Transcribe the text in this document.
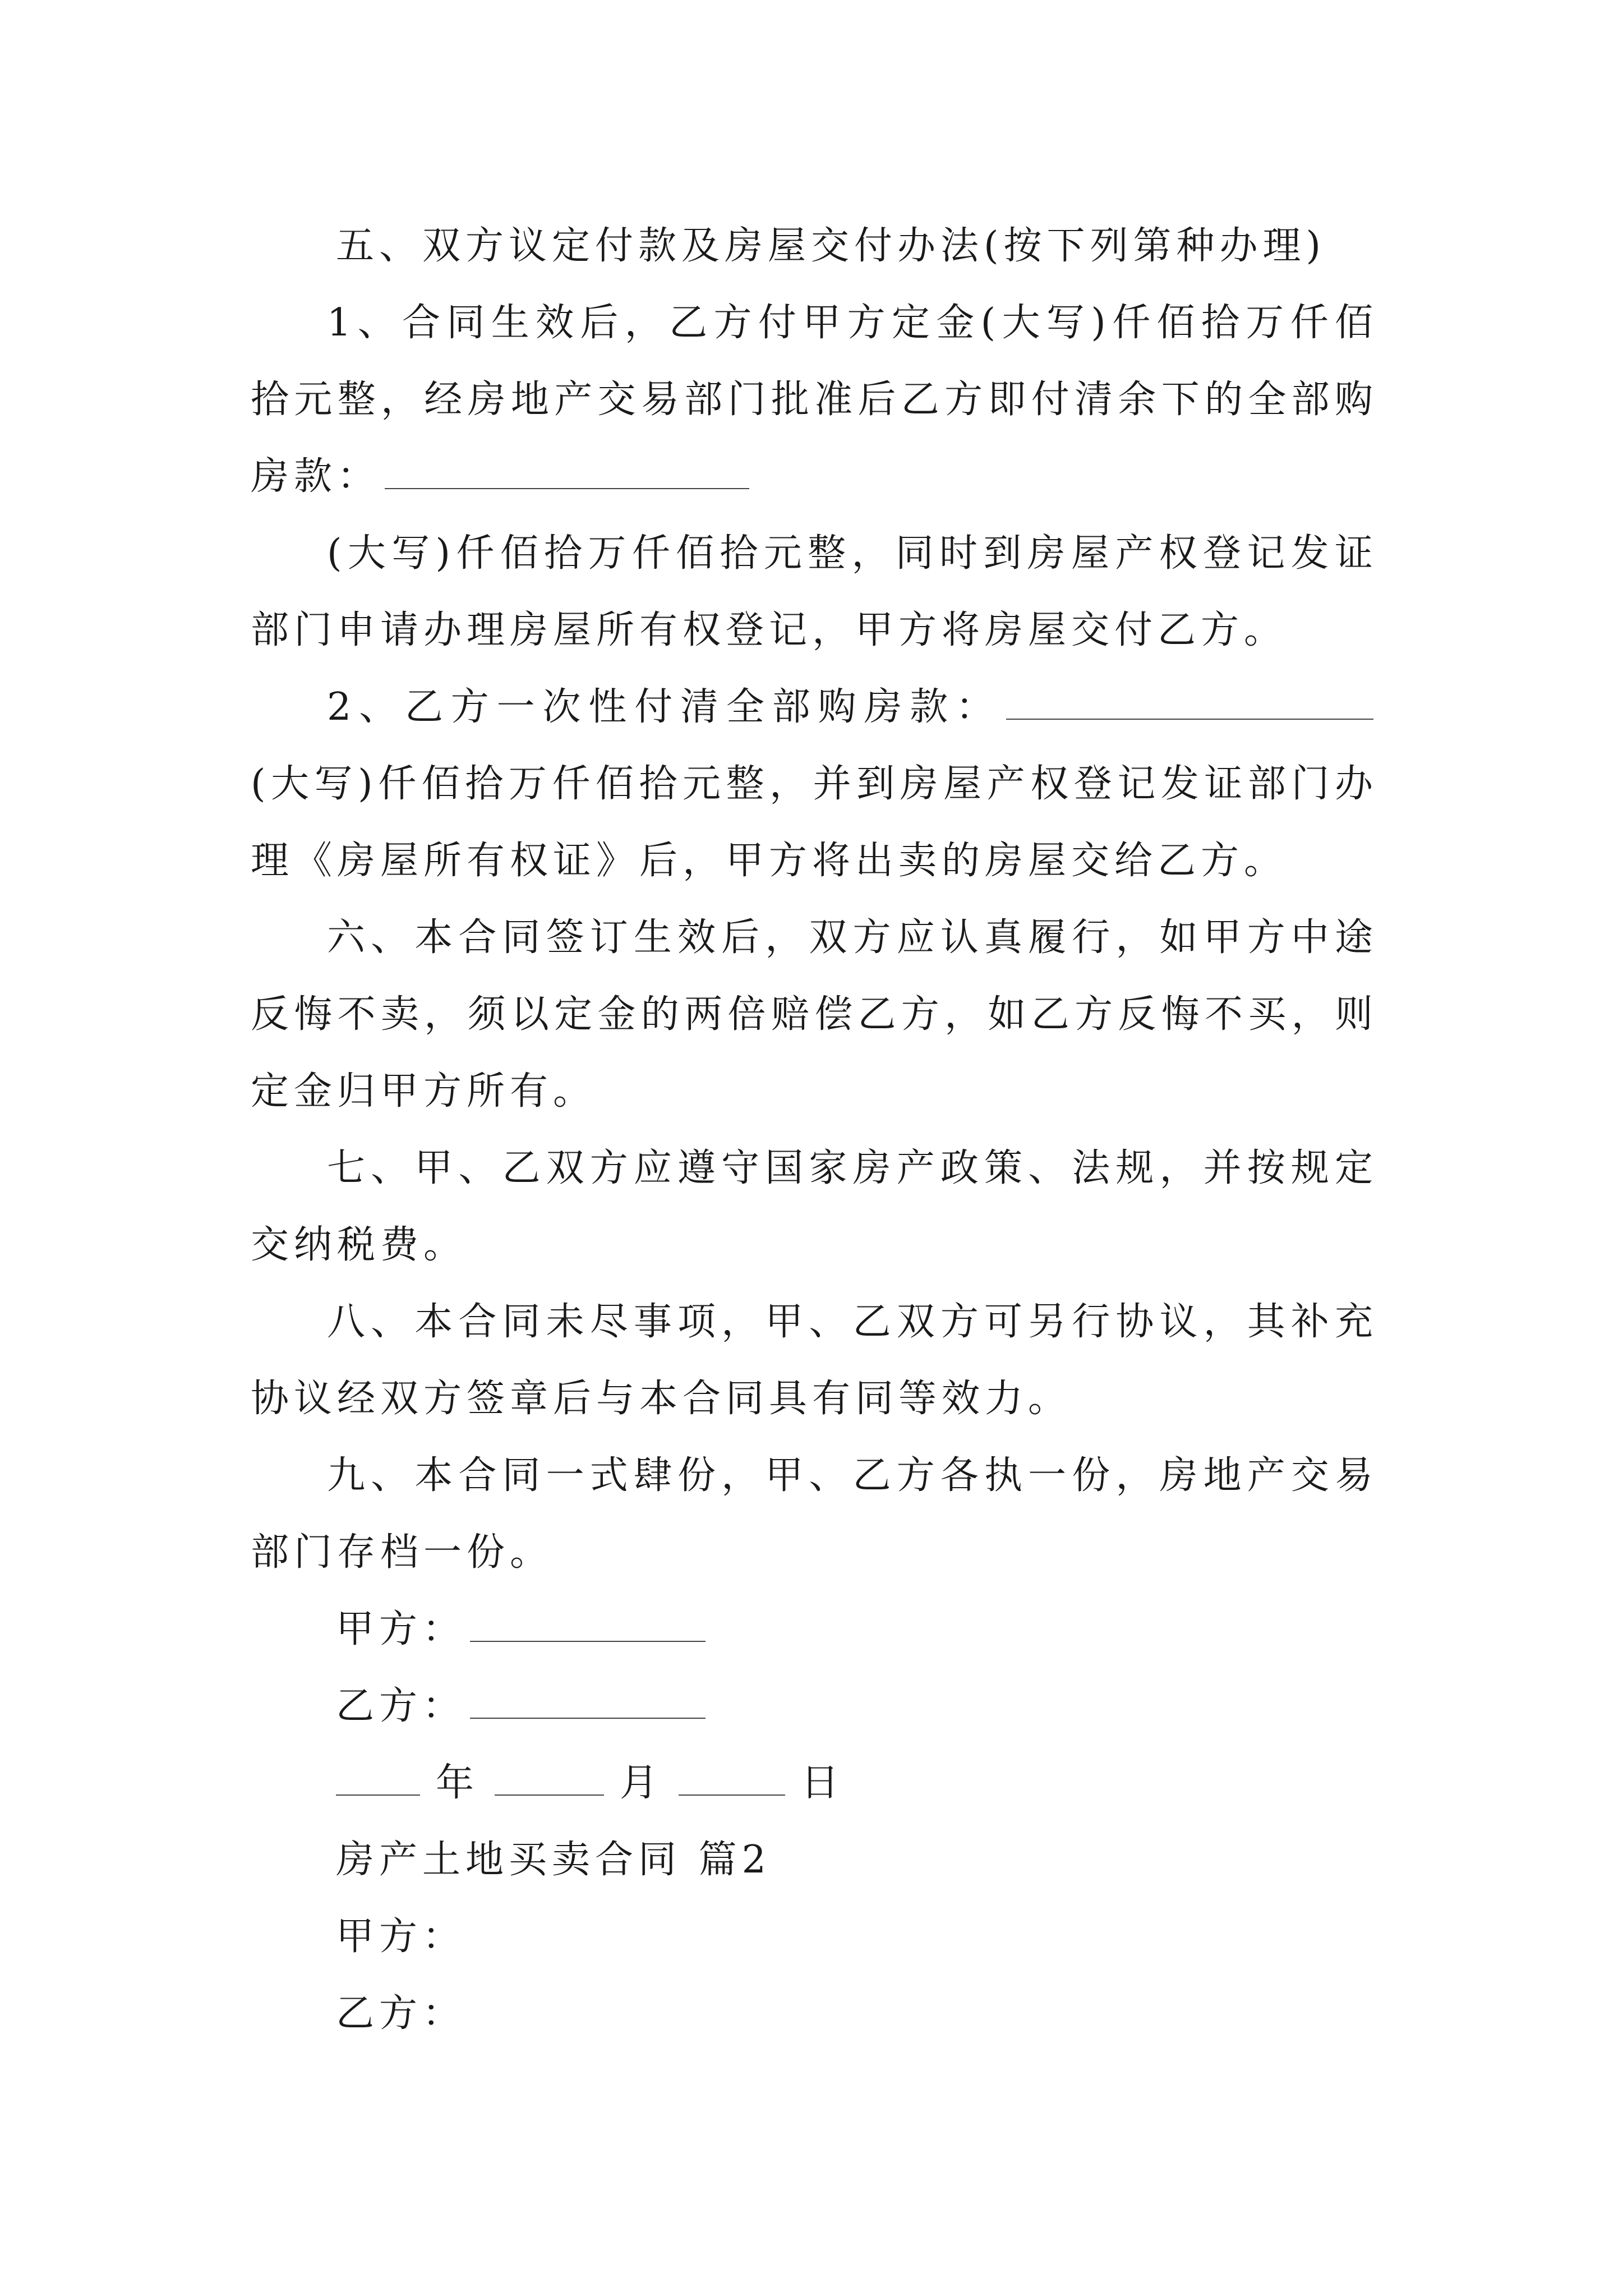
五、双方议定付款及房屋交付办法(按下列第种办理)

1、合同生效后，乙方付甲方定金(大写)仟佰拾万仟佰拾元整，经房地产交易部门批准后乙方即付清余下的全部购房款：

(大写)仟佰拾万仟佰拾元整，同时到房屋产权登记发证部门申请办理房屋所有权登记，甲方将房屋交付乙方。

2、乙方一次性付清全部购房款：(大写)仟佰拾万仟佰拾元整，并到房屋产权登记发证部门办理《房屋所有权证》后，甲方将出卖的房屋交给乙方。

六、本合同签订生效后，双方应认真履行，如甲方中途反悔不卖，须以定金的两倍赔偿乙方，如乙方反悔不买，则定金归甲方所有。

七、甲、乙双方应遵守国家房产政策、法规，并按规定交纳税费。

八、本合同未尽事项，甲、乙双方可另行协议，其补充协议经双方签章后与本合同具有同等效力。

九、本合同一式肆份，甲、乙方各执一份，房地产交易部门存档一份。

甲方：

乙方：

年	月	日

房产土地买卖合同 篇2

甲方：

乙方：
